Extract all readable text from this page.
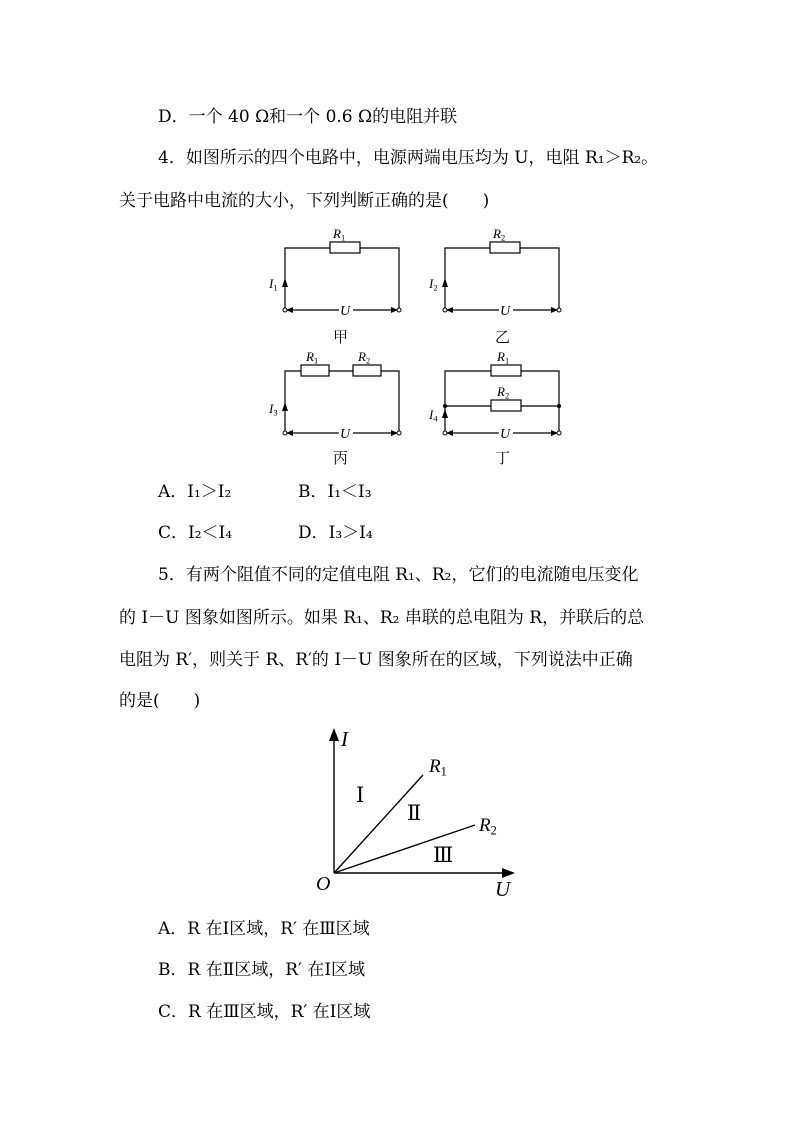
D．一个 40 Ω和一个 0.6 Ω的电阻并联
4．如图所示的四个电路中，电源两端电压均为 U，电阻 R₁＞R₂。
关于电路中电流的大小，下列判断正确的是(　　)
R1
I1
U
甲
R2
I2
U
乙
R1	R2
I3
U
丙
R1
R2
I4
U
丁
A．I₁＞I₂	B．I₁＜I₃
C．I₂＜I₄	D．I₃＞I₄
5．有两个阻值不同的定值电阻 R₁、R₂，它们的电流随电压变化
的 I－U 图象如图所示。如果 R₁、R₂ 串联的总电阻为 R，并联后的总
电阻为 R′，则关于 R、R′的 I－U 图象所在的区域，下列说法中正确
的是(　　)
I
U
O
R1
R2
Ⅰ
Ⅱ
Ⅲ
A．R 在Ⅰ区域，R′ 在Ⅲ区域
B．R 在Ⅱ区域，R′ 在Ⅰ区域
C．R 在Ⅲ区域，R′ 在Ⅰ区域
